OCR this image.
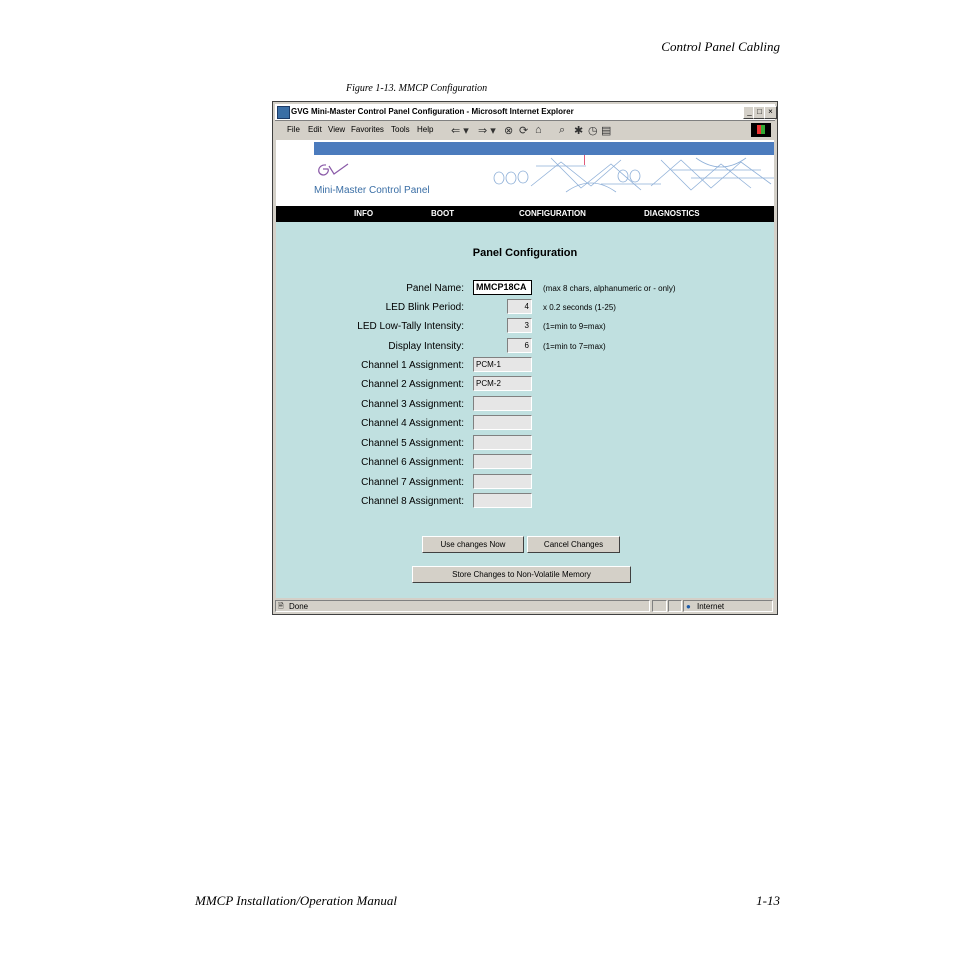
Control Panel Cabling
Figure 1-13. MMCP Configuration
MMCP Installation/Operation Manual	1-13
GVG Mini-Master Control Panel Configuration - Microsoft Internet Explorer	_ □ ×
File Edit View Favorites Tools Help ⇐ ▾ ⇒ ▾ ⊗ ⟳ ⌂ ⌕ ✱ ◷ ▤
Mini-Master Control Panel
INFO	BOOT	CONFIGURATION	DIAGNOSTICS
Panel Configuration
Panel Name:	MMCP18CA	(max 8 chars, alphanumeric or - only)
LED Blink Period:	4	x 0.2 seconds (1-25)
LED Low-Tally Intensity:	3	(1=min to 9=max)
Display Intensity:	6	(1=min to 7=max)
Channel 1 Assignment:	PCM-1
Channel 2 Assignment:	PCM-2
Channel 3 Assignment:
Channel 4 Assignment:
Channel 5 Assignment:
Channel 6 Assignment:
Channel 7 Assignment:
Channel 8 Assignment:
Use changes Now	Cancel Changes
Store Changes to Non-Volatile Memory
🗎 Done	● Internet
